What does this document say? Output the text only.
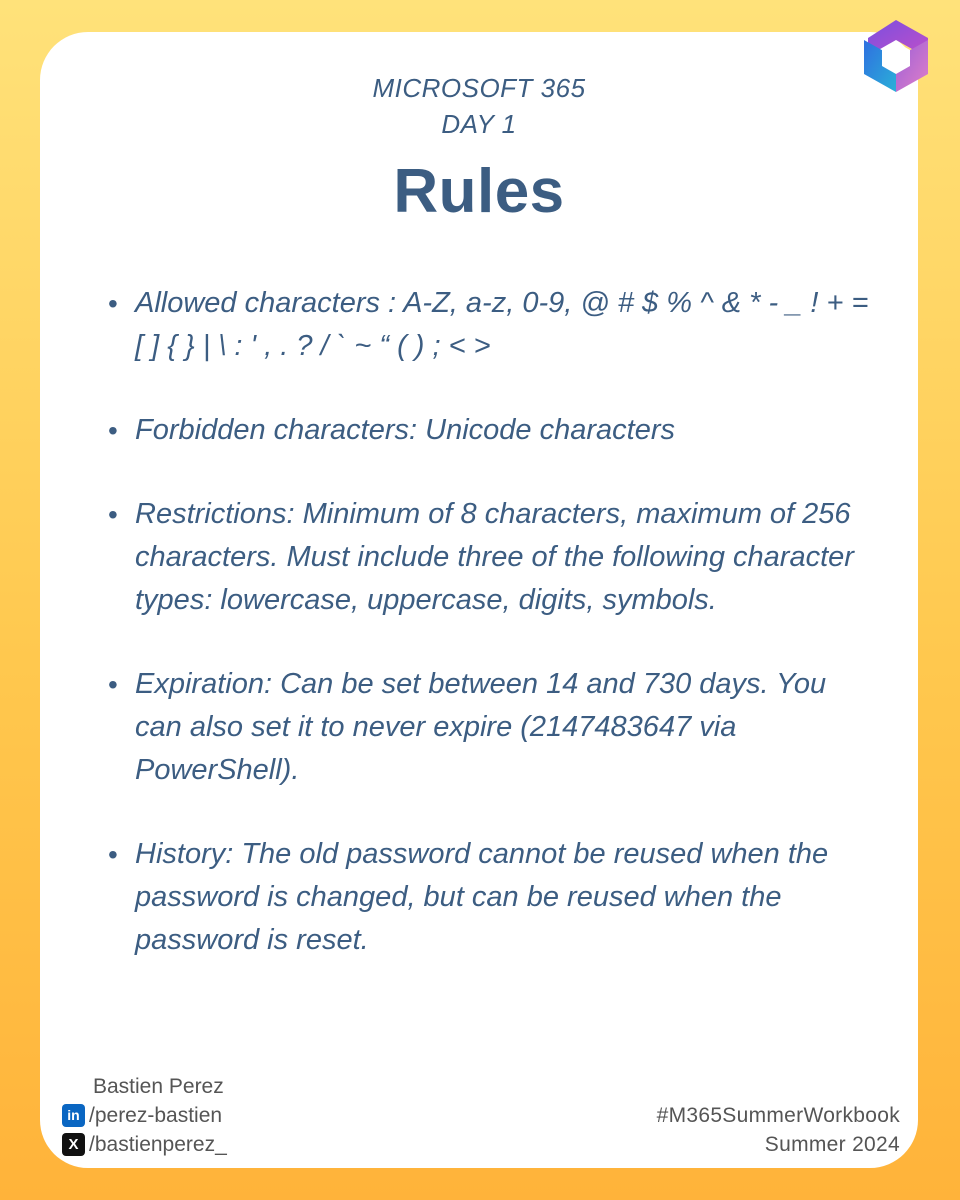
MICROSOFT 365
DAY 1
Rules
• Allowed characters : A-Z, a-z, 0-9, @ # $ % ^ & * - _ ! + = [ ] { } | \ : ' , . ? / ` ~ “ ( ) ; < >
• Forbidden characters: Unicode characters
• Restrictions: Minimum of 8 characters, maximum of 256 characters. Must include three of the following character types: lowercase, uppercase, digits, symbols.
• Expiration: Can be set between 14 and 730 days. You can also set it to never expire (2147483647 via PowerShell).
• History: The old password cannot be reused when the password is changed, but can be reused when the password is reset.
Bastien Perez
in /perez-bastien
X /bastienperez_
#M365SummerWorkbook
Summer 2024
